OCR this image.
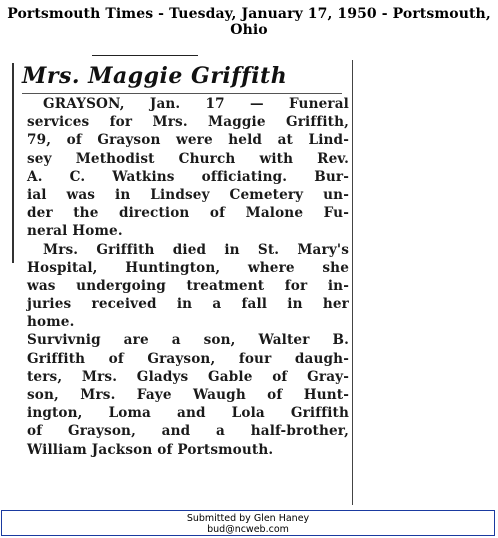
Portsmouth Times - Tuesday, January 17, 1950 - Portsmouth, Ohio
Mrs. Maggie Griffith
GRAYSON, Jan. 17 — Funeral
services for Mrs. Maggie Griffith,
79, of Grayson were held at Lind-
sey Methodist Church with Rev.
A. C. Watkins officiating. Bur-
ial was in Lindsey Cemetery un-
der the direction of Malone Fu-
neral Home.
Mrs. Griffith died in St. Mary's
Hospital, Huntington, where she
was undergoing treatment for in-
juries received in a fall in her
home.
Survivnig are a son, Walter B.
Griffith of Grayson, four daugh-
ters, Mrs. Gladys Gable of Gray-
son, Mrs. Faye Waugh of Hunt-
ington, Loma and Lola Griffith
of Grayson, and a half-brother,
William Jackson of Portsmouth.
Submitted by Glen Haney
bud@ncweb.com
